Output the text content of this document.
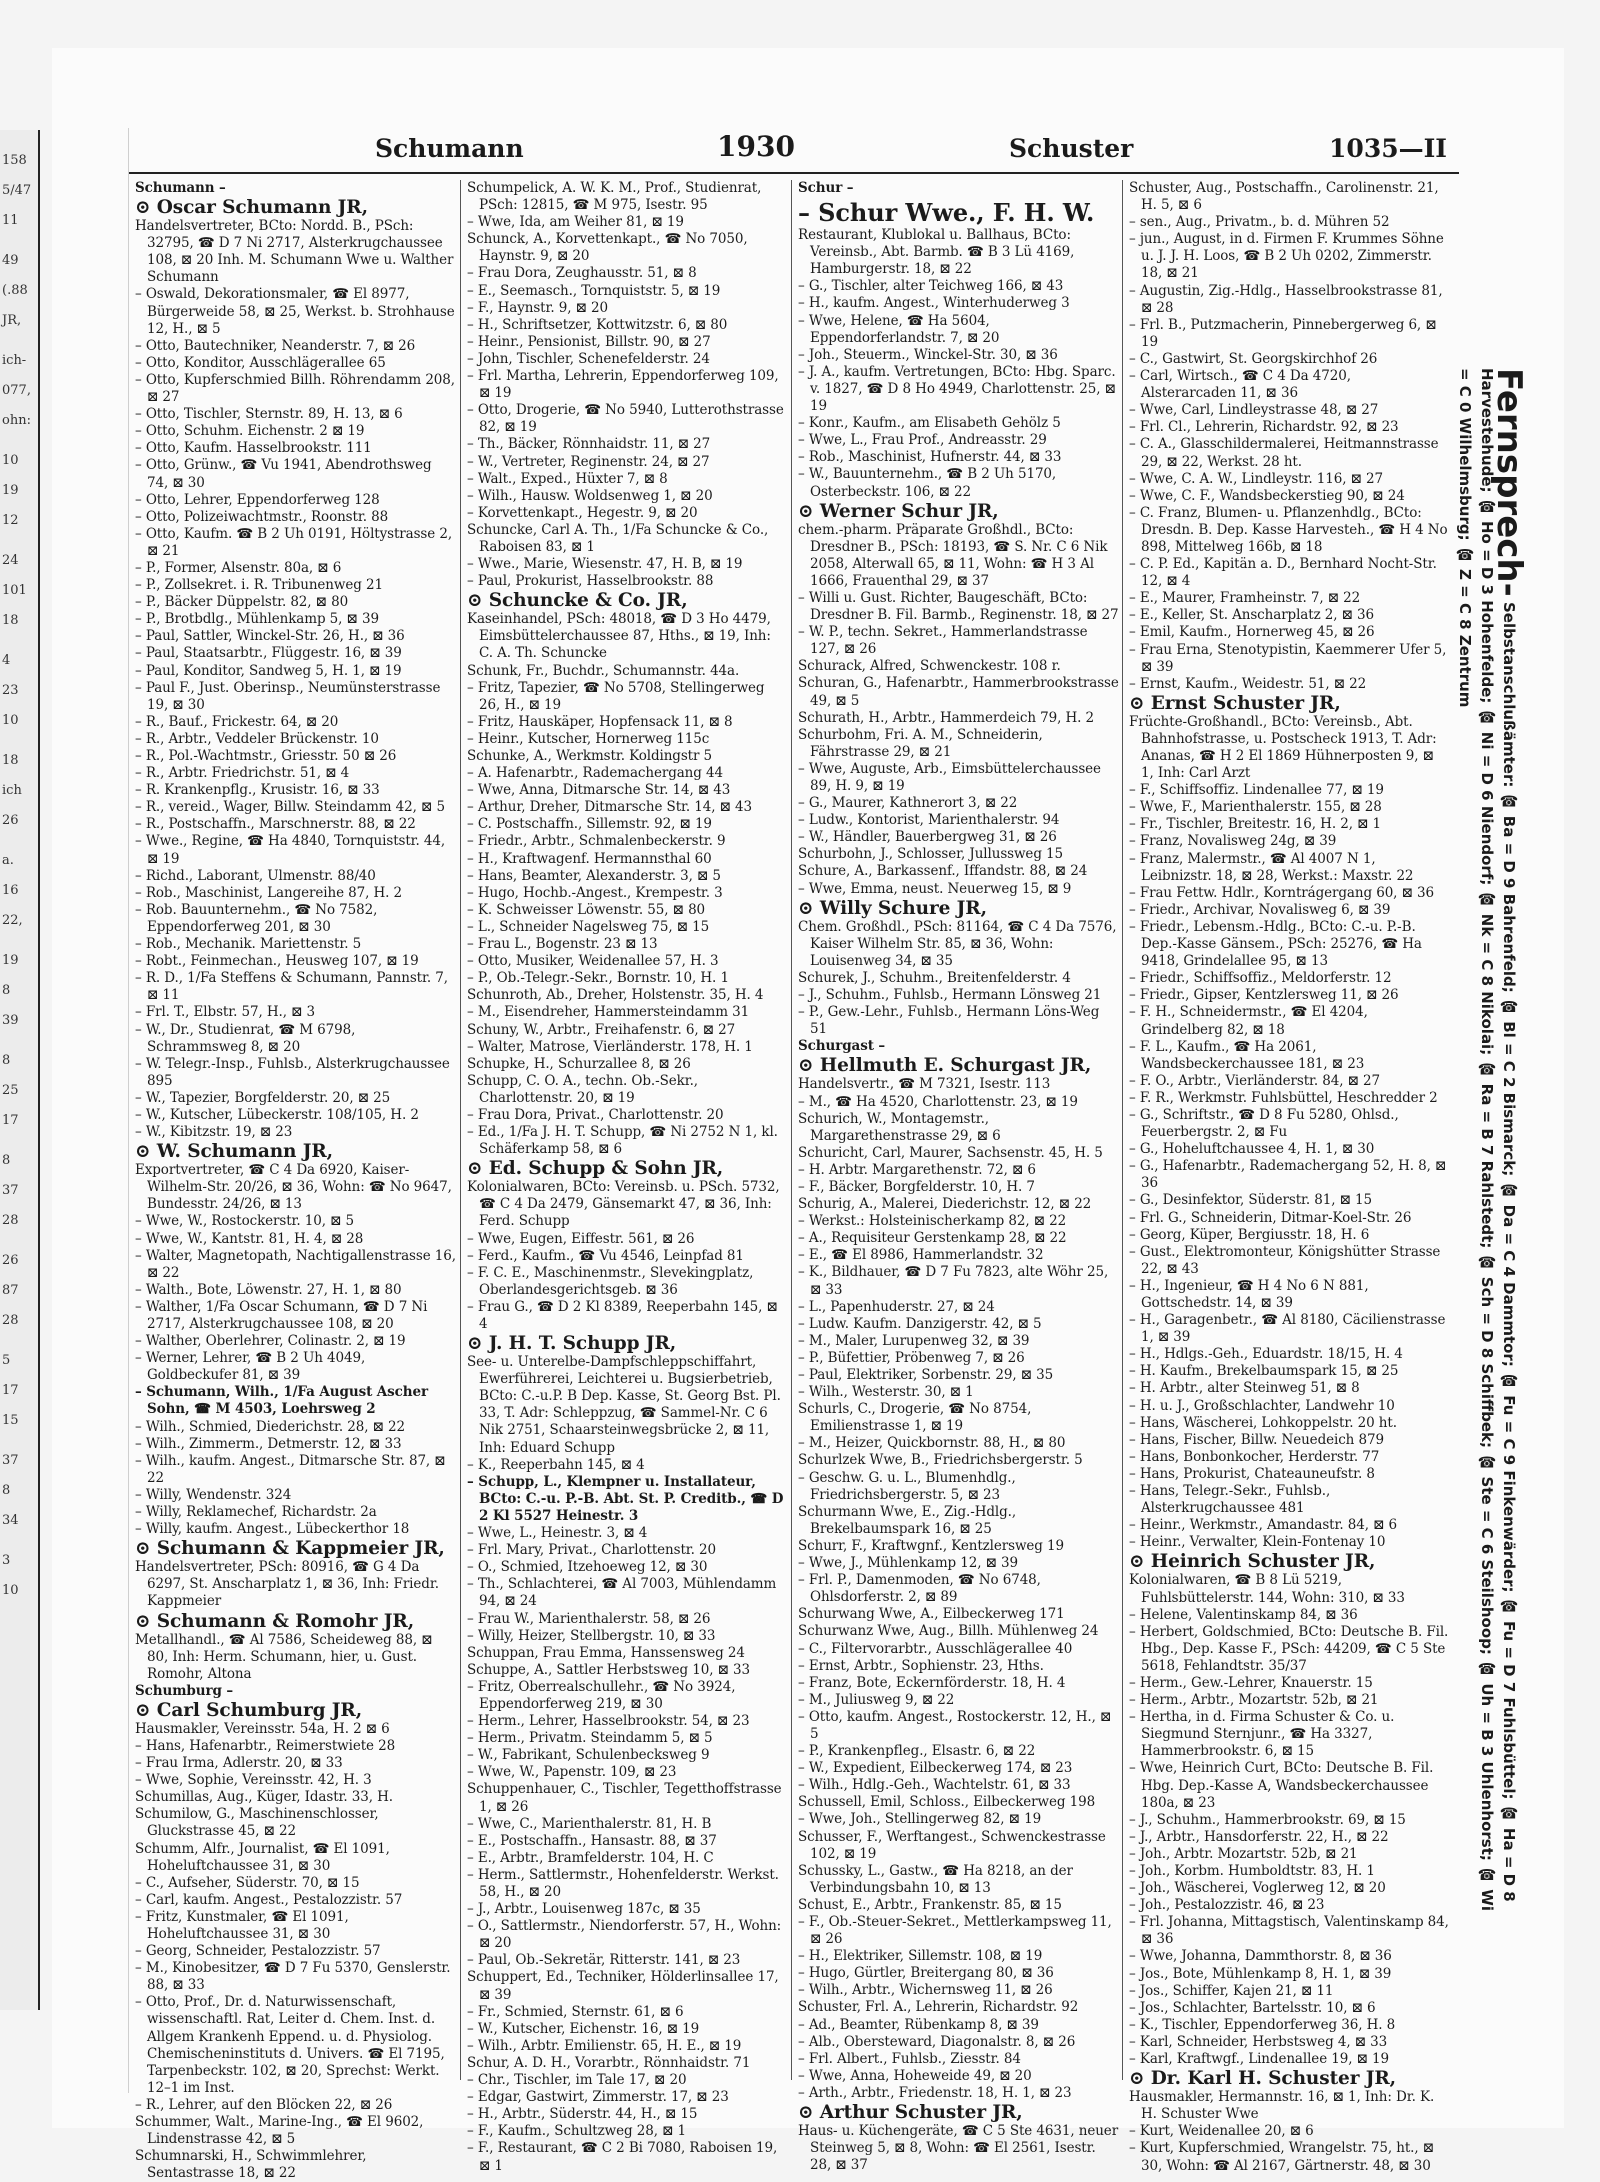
158
5/47
11
49
(.88
JR,
ich-
077,
ohn:
10
19
12
24
101
18
4
23
10
18
ich
26
a.
16
22,
19
8
39
8
25
17
8
37
28
26
87
28
5
17
15
37
8
34
3
10
Schumann	1930	Schuster	1035—II
Schumann –
⊙ Oscar Schumann JR,
Handelsvertreter, BCto: Nordd. B., PSch: 32795, ☎ D 7 Ni 2717, Alsterkrugchaussee 108, ⊠ 20 Inh. M. Schumann Wwe u. Walther Schumann
– Oswald, Dekorationsmaler, ☎ El 8977, Bürgerweide 58, ⊠ 25, Werkst. b. Strohhause 12, H., ⊠ 5
– Otto, Bautechniker, Neanderstr. 7, ⊠ 26
– Otto, Konditor, Ausschlägerallee 65
– Otto, Kupferschmied Billh. Röhrendamm 208, ⊠ 27
– Otto, Tischler, Sternstr. 89, H. 13, ⊠ 6
– Otto, Schuhm. Eichenstr. 2 ⊠ 19
– Otto, Kaufm. Hasselbrookstr. 111
– Otto, Grünw., ☎ Vu 1941, Abendrothsweg 74, ⊠ 30
– Otto, Lehrer, Eppendorferweg 128
– Otto, Polizeiwachtmstr., Roonstr. 88
– Otto, Kaufm. ☎ B 2 Uh 0191, Höltystrasse 2, ⊠ 21
– P., Former, Alsenstr. 80a, ⊠ 6
– P., Zollsekret. i. R. Tribunenweg 21
– P., Bäcker Düppelstr. 82, ⊠ 80
– P., Brotbdlg., Mühlenkamp 5, ⊠ 39
– Paul, Sattler, Winckel-Str. 26, H., ⊠ 36
– Paul, Staatsarbtr., Flüggestr. 16, ⊠ 39
– Paul, Konditor, Sandweg 5, H. 1, ⊠ 19
– Paul F., Just. Oberinsp., Neumünsterstrasse 19, ⊠ 30
– R., Bauf., Frickestr. 64, ⊠ 20
– R., Arbtr., Veddeler Brückenstr. 10
– R., Pol.-Wachtmstr., Griesstr. 50 ⊠ 26
– R., Arbtr. Friedrichstr. 51, ⊠ 4
– R. Krankenpflg., Krusistr. 16, ⊠ 33
– R., vereid., Wager, Billw. Steindamm 42, ⊠ 5
– R., Postschaffn., Marschnerstr. 88, ⊠ 22
– Wwe., Regine, ☎ Ha 4840, Tornquiststr. 44, ⊠ 19
– Richd., Laborant, Ulmenstr. 88/40
– Rob., Maschinist, Langereihe 87, H. 2
– Rob. Bauunternehm., ☎ No 7582, Eppendorferweg 201, ⊠ 30
– Rob., Mechanik. Mariettenstr. 5
– Robt., Feinmechan., Heusweg 107, ⊠ 19
– R. D., 1/Fa Steffens & Schumann, Pannstr. 7, ⊠ 11
– Frl. T., Elbstr. 57, H., ⊠ 3
– W., Dr., Studienrat, ☎ M 6798, Schrammsweg 8, ⊠ 20
– W. Telegr.-Insp., Fuhlsb., Alsterkrugchaussee 895
– W., Tapezier, Borgfelderstr. 20, ⊠ 25
– W., Kutscher, Lübeckerstr. 108/105, H. 2
– W., Kibitzstr. 19, ⊠ 23
⊙ W. Schumann JR,
Exportvertreter, ☎ C 4 Da 6920, Kaiser-Wilhelm-Str. 20/26, ⊠ 36, Wohn: ☎ No 9647, Bundesstr. 24/26, ⊠ 13
– Wwe, W., Rostockerstr. 10, ⊠ 5
– Wwe, W., Kantstr. 81, H. 4, ⊠ 28
– Walter, Magnetopath, Nachtigallenstrasse 16, ⊠ 22
– Walth., Bote, Löwenstr. 27, H. 1, ⊠ 80
– Walther, 1/Fa Oscar Schumann, ☎ D 7 Ni 2717, Alsterkrugchaussee 108, ⊠ 20
– Walther, Oberlehrer, Colinastr. 2, ⊠ 19
– Werner, Lehrer, ☎ B 2 Uh 4049, Goldbeckufer 81, ⊠ 39
– Schumann, Wilh., 1/Fa August Ascher Sohn, ☎ M 4503, Loehrsweg 2
– Wilh., Schmied, Diederichstr. 28, ⊠ 22
– Wilh., Zimmerm., Detmerstr. 12, ⊠ 33
– Wilh., kaufm. Angest., Ditmarsche Str. 87, ⊠ 22
– Willy, Wendenstr. 324
– Willy, Reklamechef, Richardstr. 2a
– Willy, kaufm. Angest., Lübeckerthor 18
⊙ Schumann & Kappmeier JR,
Handelsvertreter, PSch: 80916, ☎ G 4 Da 6297, St. Anscharplatz 1, ⊠ 36, Inh: Friedr. Kappmeier
⊙ Schumann & Romohr JR,
Metallhandl., ☎ Al 7586, Scheideweg 88, ⊠ 80, Inh: Herm. Schumann, hier, u. Gust. Romohr, Altona
Schumburg –
⊙ Carl Schumburg JR,
Hausmakler, Vereinsstr. 54a, H. 2 ⊠ 6
– Hans, Hafenarbtr., Reimerstwiete 28
– Frau Irma, Adlerstr. 20, ⊠ 33
– Wwe, Sophie, Vereinsstr. 42, H. 3
Schumillas, Aug., Küger, Idastr. 33, H.
Schumilow, G., Maschinenschlosser, Gluckstrasse 45, ⊠ 22
Schumm, Alfr., Journalist, ☎ El 1091, Hoheluftchaussee 31, ⊠ 30
– C., Aufseher, Süderstr. 70, ⊠ 15
– Carl, kaufm. Angest., Pestalozzistr. 57
– Fritz, Kunstmaler, ☎ El 1091, Hoheluftchaussee 31, ⊠ 30
– Georg, Schneider, Pestalozzistr. 57
– M., Kinobesitzer, ☎ D 7 Fu 5370, Genslerstr. 88, ⊠ 33
– Otto, Prof., Dr. d. Naturwissenschaft, wissenschaftl. Rat, Leiter d. Chem. Inst. d. Allgem Krankenh Eppend. u. d. Physiolog. Chemischeninstituts d. Univers. ☎ El 7195, Tarpenbeckstr. 102, ⊠ 20, Sprechst: Werkt. 12–1 im Inst.
– R., Lehrer, auf den Blöcken 22, ⊠ 26
Schummer, Walt., Marine-Ing., ☎ El 9602, Lindenstrasse 42, ⊠ 5
Schumnarski, H., Schwimmlehrer, Sentastrasse 18, ⊠ 22
Schumpelick, A. W. K. M., Prof., Studienrat, PSch: 12815, ☎ M 975, Isestr. 95
– Wwe, Ida, am Weiher 81, ⊠ 19
Schunck, A., Korvettenkapt., ☎ No 7050, Haynstr. 9, ⊠ 20
– Frau Dora, Zeughausstr. 51, ⊠ 8
– E., Seemasch., Tornquiststr. 5, ⊠ 19
– F., Haynstr. 9, ⊠ 20
– H., Schriftsetzer, Kottwitzstr. 6, ⊠ 80
– Heinr., Pensionist, Billstr. 90, ⊠ 27
– John, Tischler, Schenefelderstr. 24
– Frl. Martha, Lehrerin, Eppendorferweg 109, ⊠ 19
– Otto, Drogerie, ☎ No 5940, Lutterothstrasse 82, ⊠ 19
– Th., Bäcker, Rönnhaidstr. 11, ⊠ 27
– W., Vertreter, Reginenstr. 24, ⊠ 27
– Walt., Exped., Hüxter 7, ⊠ 8
– Wilh., Hausw. Woldsenweg 1, ⊠ 20
– Korvettenkapt., Hegestr. 9, ⊠ 20
Schuncke, Carl A. Th., 1/Fa Schuncke & Co., Raboisen 83, ⊠ 1
– Wwe., Marie, Wiesenstr. 47, H. B, ⊠ 19
– Paul, Prokurist, Hasselbrookstr. 88
⊙ Schuncke & Co. JR,
Kaseinhandel, PSch: 48018, ☎ D 3 Ho 4479, Eimsbüttelerchaussee 87, Hths., ⊠ 19, Inh: C. A. Th. Schuncke
Schunk, Fr., Buchdr., Schumannstr. 44a.
– Fritz, Tapezier, ☎ No 5708, Stellingerweg 26, H., ⊠ 19
– Fritz, Hauskäper, Hopfensack 11, ⊠ 8
– Heinr., Kutscher, Hornerweg 115c
Schunke, A., Werkmstr. Koldingstr 5
– A. Hafenarbtr., Rademachergang 44
– Wwe, Anna, Ditmarsche Str. 14, ⊠ 43
– Arthur, Dreher, Ditmarsche Str. 14, ⊠ 43
– C. Postschaffn., Sillemstr. 92, ⊠ 19
– Friedr., Arbtr., Schmalenbeckerstr. 9
– H., Kraftwagenf. Hermannsthal 60
– Hans, Beamter, Alexanderstr. 3, ⊠ 5
– Hugo, Hochb.-Angest., Krempestr. 3
– K. Schweisser Löwenstr. 55, ⊠ 80
– L., Schneider Nagelsweg 75, ⊠ 15
– Frau L., Bogenstr. 23 ⊠ 13
– Otto, Musiker, Weidenallee 57, H. 3
– P., Ob.-Telegr.-Sekr., Bornstr. 10, H. 1
Schunroth, Ab., Dreher, Holstenstr. 35, H. 4
– M., Eisendreher, Hammersteindamm 31
Schuny, W., Arbtr., Freihafenstr. 6, ⊠ 27
– Walter, Matrose, Vierländerstr. 178, H. 1
Schupke, H., Schurzallee 8, ⊠ 26
Schupp, C. O. A., techn. Ob.-Sekr., Charlottenstr. 20, ⊠ 19
– Frau Dora, Privat., Charlottenstr. 20
– Ed., 1/Fa J. H. T. Schupp, ☎ Ni 2752 N 1, kl. Schäferkamp 58, ⊠ 6
⊙ Ed. Schupp & Sohn JR,
Kolonialwaren, BCto: Vereinsb. u. PSch. 5732, ☎ C 4 Da 2479, Gänsemarkt 47, ⊠ 36, Inh: Ferd. Schupp
– Wwe, Eugen, Eiffestr. 561, ⊠ 26
– Ferd., Kaufm., ☎ Vu 4546, Leinpfad 81
– F. C. E., Maschinenmstr., Slevekingplatz, Oberlandesgerichtsgeb. ⊠ 36
– Frau G., ☎ D 2 Kl 8389, Reeperbahn 145, ⊠ 4
⊙ J. H. T. Schupp JR,
See- u. Unterelbe-Dampfschleppschiffahrt, Ewerführerei, Leichterei u. Bugsierbetrieb, BCto: C.-u.P. B Dep. Kasse, St. Georg Bst. Pl. 33, T. Adr: Schleppzug, ☎ Sammel-Nr. C 6 Nik 2751, Schaarsteinwegsbrücke 2, ⊠ 11, Inh: Eduard Schupp
– K., Reeperbahn 145, ⊠ 4
– Schupp, L., Klempner u. Installateur, BCto: C.-u. P.-B. Abt. St. P. Creditb., ☎ D 2 Kl 5527 Heinestr. 3
– Wwe, L., Heinestr. 3, ⊠ 4
– Frl. Mary, Privat., Charlottenstr. 20
– O., Schmied, Itzehoeweg 12, ⊠ 30
– Th., Schlachterei, ☎ Al 7003, Mühlendamm 94, ⊠ 24
– Frau W., Marienthalerstr. 58, ⊠ 26
– Willy, Heizer, Stellbergstr. 10, ⊠ 33
Schuppan, Frau Emma, Hanssensweg 24
Schuppe, A., Sattler Herbstsweg 10, ⊠ 33
– Fritz, Oberrealschullehr., ☎ No 3924, Eppendorferweg 219, ⊠ 30
– Herm., Lehrer, Hasselbrookstr. 54, ⊠ 23
– Herm., Privatm. Steindamm 5, ⊠ 5
– W., Fabrikant, Schulenbecksweg 9
– Wwe, W., Papenstr. 109, ⊠ 23
Schuppenhauer, C., Tischler, Tegetthoffstrasse 1, ⊠ 26
– Wwe, C., Marienthalerstr. 81, H. B
– E., Postschaffn., Hansastr. 88, ⊠ 37
– E., Arbtr., Bramfelderstr. 104, H. C
– Herm., Sattlermstr., Hohenfelderstr. Werkst. 58, H., ⊠ 20
– J., Arbtr., Louisenweg 187c, ⊠ 35
– O., Sattlermstr., Niendorferstr. 57, H., Wohn: ⊠ 20
– Paul, Ob.-Sekretär, Ritterstr. 141, ⊠ 23
Schuppert, Ed., Techniker, Hölderlinsallee 17, ⊠ 39
– Fr., Schmied, Sternstr. 61, ⊠ 6
– W., Kutscher, Eichenstr. 16, ⊠ 19
– Wilh., Arbtr. Emilienstr. 65, H. E., ⊠ 19
Schur, A. D. H., Vorarbtr., Rönnhaidstr. 71
– Chr., Tischler, im Tale 17, ⊠ 20
– Edgar, Gastwirt, Zimmerstr. 17, ⊠ 23
– H., Arbtr., Süderstr. 44, H., ⊠ 15
– F., Kaufm., Schultzweg 28, ⊠ 1
– F., Restaurant, ☎ C 2 Bi 7080, Raboisen 19, ⊠ 1
Schur –
– Schur Wwe., F. H. W.
Restaurant, Klublokal u. Ballhaus, BCto: Vereinsb., Abt. Barmb. ☎ B 3 Lü 4169, Hamburgerstr. 18, ⊠ 22
– G., Tischler, alter Teichweg 166, ⊠ 43
– H., kaufm. Angest., Winterhuderweg 3
– Wwe, Helene, ☎ Ha 5604, Eppendorferlandstr. 7, ⊠ 20
– Joh., Steuerm., Winckel-Str. 30, ⊠ 36
– J. A., kaufm. Vertretungen, BCto: Hbg. Sparc. v. 1827, ☎ D 8 Ho 4949, Charlottenstr. 25, ⊠ 19
– Konr., Kaufm., am Elisabeth Gehölz 5
– Wwe, L., Frau Prof., Andreasstr. 29
– Rob., Maschinist, Hufnerstr. 44, ⊠ 33
– W., Bauunternehm., ☎ B 2 Uh 5170, Osterbeckstr. 106, ⊠ 22
⊙ Werner Schur JR,
chem.-pharm. Präparate Großhdl., BCto: Dresdner B., PSch: 18193, ☎ S. Nr. C 6 Nik 2058, Alterwall 65, ⊠ 11, Wohn: ☎ H 3 Al 1666, Frauenthal 29, ⊠ 37
– Willi u. Gust. Richter, Baugeschäft, BCto: Dresdner B. Fil. Barmb., Reginenstr. 18, ⊠ 27
– W. P., techn. Sekret., Hammerlandstrasse 127, ⊠ 26
Schurack, Alfred, Schwenckestr. 108 r.
Schuran, G., Hafenarbtr., Hammerbrookstrasse 49, ⊠ 5
Schurath, H., Arbtr., Hammerdeich 79, H. 2
Schurbohm, Fri. A. M., Schneiderin, Fährstrasse 29, ⊠ 21
– Wwe, Auguste, Arb., Eimsbüttelerchaussee 89, H. 9, ⊠ 19
– G., Maurer, Kathnerort 3, ⊠ 22
– Ludw., Kontorist, Marienthalerstr. 94
– W., Händler, Bauerbergweg 31, ⊠ 26
Schurbohn, J., Schlosser, Jullussweg 15
Schure, A., Barkassenf., Iffandstr. 88, ⊠ 24
– Wwe, Emma, neust. Neuerweg 15, ⊠ 9
⊙ Willy Schure JR,
Chem. Großhdl., PSch: 81164, ☎ C 4 Da 7576, Kaiser Wilhelm Str. 85, ⊠ 36, Wohn: Louisenweg 34, ⊠ 35
Schurek, J., Schuhm., Breitenfelderstr. 4
– J., Schuhm., Fuhlsb., Hermann Lönsweg 21
– P., Gew.-Lehr., Fuhlsb., Hermann Löns-Weg 51
Schurgast –
⊙ Hellmuth E. Schurgast JR,
Handelsvertr., ☎ M 7321, Isestr. 113
– M., ☎ Ha 4520, Charlottenstr. 23, ⊠ 19
Schurich, W., Montagemstr., Margarethenstrasse 29, ⊠ 6
Schuricht, Carl, Maurer, Sachsenstr. 45, H. 5
– H. Arbtr. Margarethenstr. 72, ⊠ 6
– F., Bäcker, Borgfelderstr. 10, H. 7
Schurig, A., Malerei, Diederichstr. 12, ⊠ 22
– Werkst.: Holsteinischerkamp 82, ⊠ 22
– A., Requisiteur Gerstenkamp 28, ⊠ 22
– E., ☎ El 8986, Hammerlandstr. 32
– K., Bildhauer, ☎ D 7 Fu 7823, alte Wöhr 25, ⊠ 33
– L., Papenhuderstr. 27, ⊠ 24
– Ludw. Kaufm. Danzigerstr. 42, ⊠ 5
– M., Maler, Lurupenweg 32, ⊠ 39
– P., Büfettier, Pröbenweg 7, ⊠ 26
– Paul, Elektriker, Sorbenstr. 29, ⊠ 35
– Wilh., Westerstr. 30, ⊠ 1
Schurls, C., Drogerie, ☎ No 8754, Emilienstrasse 1, ⊠ 19
– M., Heizer, Quickbornstr. 88, H., ⊠ 80
Schurlzek Wwe, B., Friedrichsbergerstr. 5
– Geschw. G. u. L., Blumenhdlg., Friedrichsbergerstr. 5, ⊠ 23
Schurmann Wwe, E., Zig.-Hdlg., Brekelbaumspark 16, ⊠ 25
Schurr, F., Kraftwgnf., Kentzlersweg 19
– Wwe, J., Mühlenkamp 12, ⊠ 39
– Frl. P., Damenmoden, ☎ No 6748, Ohlsdorferstr. 2, ⊠ 89
Schurwang Wwe, A., Eilbeckerweg 171
Schurwanz Wwe, Aug., Billh. Mühlenweg 24
– C., Filtervorarbtr., Ausschlägerallee 40
– Ernst, Arbtr., Sophienstr. 23, Hths.
– Franz, Bote, Eckernförderstr. 18, H. 4
– M., Juliusweg 9, ⊠ 22
– Otto, kaufm. Angest., Rostockerstr. 12, H., ⊠ 5
– P., Krankenpfleg., Elsastr. 6, ⊠ 22
– W., Expedient, Eilbeckerweg 174, ⊠ 23
– Wilh., Hdlg.-Geh., Wachtelstr. 61, ⊠ 33
Schussell, Emil, Schloss., Eilbeckerweg 198
– Wwe, Joh., Stellingerweg 82, ⊠ 19
Schusser, F., Werftangest., Schwenckestrasse 102, ⊠ 19
Schussky, L., Gastw., ☎ Ha 8218, an der Verbindungsbahn 10, ⊠ 13
Schust, E., Arbtr., Frankenstr. 85, ⊠ 15
– F., Ob.-Steuer-Sekret., Mettlerkampsweg 11, ⊠ 26
– H., Elektriker, Sillemstr. 108, ⊠ 19
– Hugo, Gürtler, Breitergang 80, ⊠ 36
– Wilh., Arbtr., Wichernsweg 11, ⊠ 26
Schuster, Frl. A., Lehrerin, Richardstr. 92
– Ad., Beamter, Rübenkamp 8, ⊠ 39
– Alb., Obersteward, Diagonalstr. 8, ⊠ 26
– Frl. Albert., Fuhlsb., Ziesstr. 84
– Wwe, Anna, Hoheweide 49, ⊠ 20
– Arth., Arbtr., Friedenstr. 18, H. 1, ⊠ 23
⊙ Arthur Schuster JR,
Haus- u. Küchengeräte, ☎ C 5 Ste 4631, neuer Steinweg 5, ⊠ 8, Wohn: ☎ El 2561, Isestr. 28, ⊠ 37
Schuster, Aug., Postschaffn., Carolinenstr. 21, H. 5, ⊠ 6
– sen., Aug., Privatm., b. d. Mühren 52
– jun., August, in d. Firmen F. Krummes Söhne u. J. J. H. Loos, ☎ B 2 Uh 0202, Zimmerstr. 18, ⊠ 21
– Augustin, Zig.-Hdlg., Hasselbrookstrasse 81, ⊠ 28
– Frl. B., Putzmacherin, Pinnebergerweg 6, ⊠ 19
– C., Gastwirt, St. Georgskirchhof 26
– Carl, Wirtsch., ☎ C 4 Da 4720, Alsterarcaden 11, ⊠ 36
– Wwe, Carl, Lindleystrasse 48, ⊠ 27
– Frl. Cl., Lehrerin, Richardstr. 92, ⊠ 23
– C. A., Glasschildermalerei, Heitmannstrasse 29, ⊠ 22, Werkst. 28 ht.
– Wwe, C. A. W., Lindleystr. 116, ⊠ 27
– Wwe, C. F., Wandsbeckerstieg 90, ⊠ 24
– C. Franz, Blumen- u. Pflanzenhdlg., BCto: Dresdn. B. Dep. Kasse Harvesteh., ☎ H 4 No 898, Mittelweg 166b, ⊠ 18
– C. P. Ed., Kapitän a. D., Bernhard Nocht-Str. 12, ⊠ 4
– E., Maurer, Framheinstr. 7, ⊠ 22
– E., Keller, St. Anscharplatz 2, ⊠ 36
– Emil, Kaufm., Hornerweg 45, ⊠ 26
– Frau Erna, Stenotypistin, Kaemmerer Ufer 5, ⊠ 39
– Ernst, Kaufm., Weidestr. 51, ⊠ 22
⊙ Ernst Schuster JR,
Früchte-Großhandl., BCto: Vereinsb., Abt. Bahnhofstrasse, u. Postscheck 1913, T. Adr: Ananas, ☎ H 2 El 1869 Hühnerposten 9, ⊠ 1, Inh: Carl Arzt
– F., Schiffsoffiz. Lindenallee 77, ⊠ 19
– Wwe, F., Marienthalerstr. 155, ⊠ 28
– Fr., Tischler, Breitestr. 16, H. 2, ⊠ 1
– Franz, Novalisweg 24g, ⊠ 39
– Franz, Malermstr., ☎ Al 4007 N 1, Leibnizstr. 18, ⊠ 28, Werkst.: Maxstr. 22
– Frau Fettw. Hdlr., Korntrágergang 60, ⊠ 36
– Friedr., Archivar, Novalisweg 6, ⊠ 39
– Friedr., Lebensm.-Hdlg., BCto: C.-u. P.-B. Dep.-Kasse Gänsem., PSch: 25276, ☎ Ha 9418, Grindelallee 95, ⊠ 13
– Friedr., Schiffsoffiz., Meldorferstr. 12
– Friedr., Gipser, Kentzlersweg 11, ⊠ 26
– F. H., Schneidermstr., ☎ El 4204, Grindelberg 82, ⊠ 18
– F. L., Kaufm., ☎ Ha 2061, Wandsbeckerchaussee 181, ⊠ 23
– F. O., Arbtr., Vierländerstr. 84, ⊠ 27
– F. R., Werkmstr. Fuhlsbüttel, Heschredder 2
– G., Schriftstr., ☎ D 8 Fu 5280, Ohlsd., Feuerbergstr. 2, ⊠ Fu
– G., Hoheluftchaussee 4, H. 1, ⊠ 30
– G., Hafenarbtr., Rademachergang 52, H. 8, ⊠ 36
– G., Desinfektor, Süderstr. 81, ⊠ 15
– Frl. G., Schneiderin, Ditmar-Koel-Str. 26
– Georg, Küper, Bergiusstr. 18, H. 6
– Gust., Elektromonteur, Königshütter Strasse 22, ⊠ 43
– H., Ingenieur, ☎ H 4 No 6 N 881, Gottschedstr. 14, ⊠ 39
– H., Garagenbetr., ☎ Al 8180, Cäcilienstrasse 1, ⊠ 39
– H., Hdlgs.-Geh., Eduardstr. 18/15, H. 4
– H. Kaufm., Brekelbaumspark 15, ⊠ 25
– H. Arbtr., alter Steinweg 51, ⊠ 8
– H. u. J., Großschlachter, Landwehr 10
– Hans, Wäscherei, Lohkoppelstr. 20 ht.
– Hans, Fischer, Billw. Neuedeich 879
– Hans, Bonbonkocher, Herderstr. 77
– Hans, Prokurist, Chateauneufstr. 8
– Hans, Telegr.-Sekr., Fuhlsb., Alsterkrugchaussee 481
– Heinr., Werkmstr., Amandastr. 84, ⊠ 6
– Heinr., Verwalter, Klein-Fontenay 10
⊙ Heinrich Schuster JR,
Kolonialwaren, ☎ B 8 Lü 5219, Fuhlsbüttelerstr. 144, Wohn: 310, ⊠ 33
– Helene, Valentinskamp 84, ⊠ 36
– Herbert, Goldschmied, BCto: Deutsche B. Fil. Hbg., Dep. Kasse F., PSch: 44209, ☎ C 5 Ste 5618, Fehlandtstr. 35/37
– Herm., Gew.-Lehrer, Knauerstr. 15
– Herm., Arbtr., Mozartstr. 52b, ⊠ 21
– Hertha, in d. Firma Schuster & Co. u. Siegmund Sternjunr., ☎ Ha 3327, Hammerbrookstr. 6, ⊠ 15
– Wwe, Heinrich Curt, BCto: Deutsche B. Fil. Hbg. Dep.-Kasse A, Wandsbeckerchaussee 180a, ⊠ 23
– J., Schuhm., Hammerbrookstr. 69, ⊠ 15
– J., Arbtr., Hansdorferstr. 22, H., ⊠ 22
– Joh., Arbtr. Mozartstr. 52b, ⊠ 21
– Joh., Korbm. Humboldtstr. 83, H. 1
– Joh., Wäscherei, Voglerweg 12, ⊠ 20
– Joh., Pestalozzistr. 46, ⊠ 23
– Frl. Johanna, Mittagstisch, Valentinskamp 84, ⊠ 36
– Wwe, Johanna, Dammthorstr. 8, ⊠ 36
– Jos., Bote, Mühlenkamp 8, H. 1, ⊠ 39
– Jos., Schiffer, Kajen 21, ⊠ 11
– Jos., Schlachter, Bartelsstr. 10, ⊠ 6
– K., Tischler, Eppendorferweg 36, H. 8
– Karl, Schneider, Herbstsweg 4, ⊠ 33
– Karl, Kraftwgf., Lindenallee 19, ⊠ 19
⊙ Dr. Karl H. Schuster JR,
Hausmakler, Hermannstr. 16, ⊠ 1, Inh: Dr. K. H. Schuster Wwe
– Kurt, Weidenallee 20, ⊠ 6
– Kurt, Kupferschmied, Wrangelstr. 75, ht., ⊠ 30, Wohn: ☎ Al 2167, Gärtnerstr. 48, ⊠ 30
Fernsprech- Selbstanschlußämter: ☎ Ba = D 9 Bahrenfeld; ☎ Bl = C 2 Bismarck; ☎ Da = C 4 Dammtor; ☎ Fu = C 9 Finkenwärder; ☎ Fu = D 7 Fuhlsbüttel; ☎ Ha = D 8 Harvestehude; ☎ Ho = D 3 Hohenfelde; ☎ Ni = D 6 Niendorf; ☎ Nk = C 8 Nikolai; ☎ Ra = B 7 Rahlstedt; ☎ Sch = D 8 Schiffbek; ☎ Ste = C 6 Steilshoop; ☎ Uh = B 3 Uhlenhorst; ☎ Wi = C 0 Wilhelmsburg; ☎ Z = C 8 Zentrum
